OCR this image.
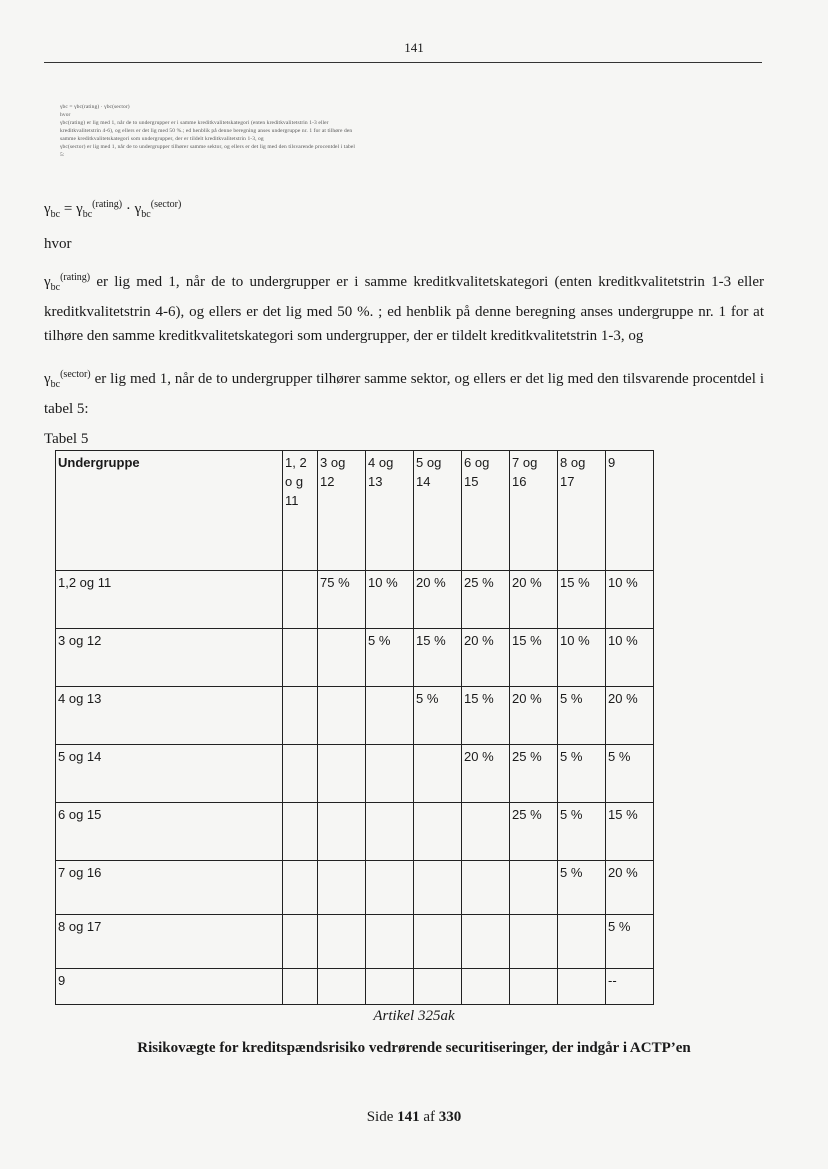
141

γbc = γbc(rating) · γbc(sector)

hvor

γbc(rating) er lig med 1, når de to undergrupper er i samme kreditkvalitetskategori (enten kreditkvalitetstrin 1-3 eller kreditkvalitetstrin 4-6), og ellers er det lig med 50 %.; ed henblik på denne beregning anses undergruppe nr. 1 for at tilhøre den samme kreditkvalitetskategori som undergrupper, der er tildelt kreditkvalitetstrin 1-3, og

γbc(sector) er lig med 1, når de to undergrupper tilhører samme sektor, og ellers er det lig med den tilsvarende procentdel i tabel 5:

$\gamma_{bc} = \gamma_{bc}^{(rating)} \cdot \gamma_{bc}^{(sector)}$
hvor
$\gamma_{bc}^{(rating)}$ er lig med 1, når de to undergrupper er i samme kreditkvalitetskategori (enten kreditkvalitetstrin 1-3 eller kreditkvalitetstrin 4-6), og ellers er det lig med 50 %. ; ed henblik på denne beregning anses undergruppe nr. 1 for at tilhøre den samme kreditkvalitetskategori som undergrupper, der er tildelt kreditkvalitetstrin 1-3, og
$\gamma_{bc}^{(sector)}$ er lig med 1, når de to undergrupper tilhører samme sektor, og ellers er det lig med den tilsvarende procentdel i tabel 5:
Tabel 5
Undergruppe	1, 2 o g 11	3 og 12	4 og 13	5 og 14	6 og 15	7 og 16	8 og 17	9
1,2 og 11		75 %	10 %	20 %	25 %	20 %	15 %	10 %
3 og 12			5 %	15 %	20 %	15 %	10 %	10 %
4 og 13				5 %	15 %	20 %	5 %	20 %
5 og 14					20 %	25 %	5 %	5 %
6 og 15						25 %	5 %	15 %
7 og 16							5 %	20 %
8 og 17								5 %
9								--
Artikel 325ak
Risikovægte for kreditspændsrisiko vedrørende securitiseringer, der indgår i ACTP’en
Side 141 af 330
